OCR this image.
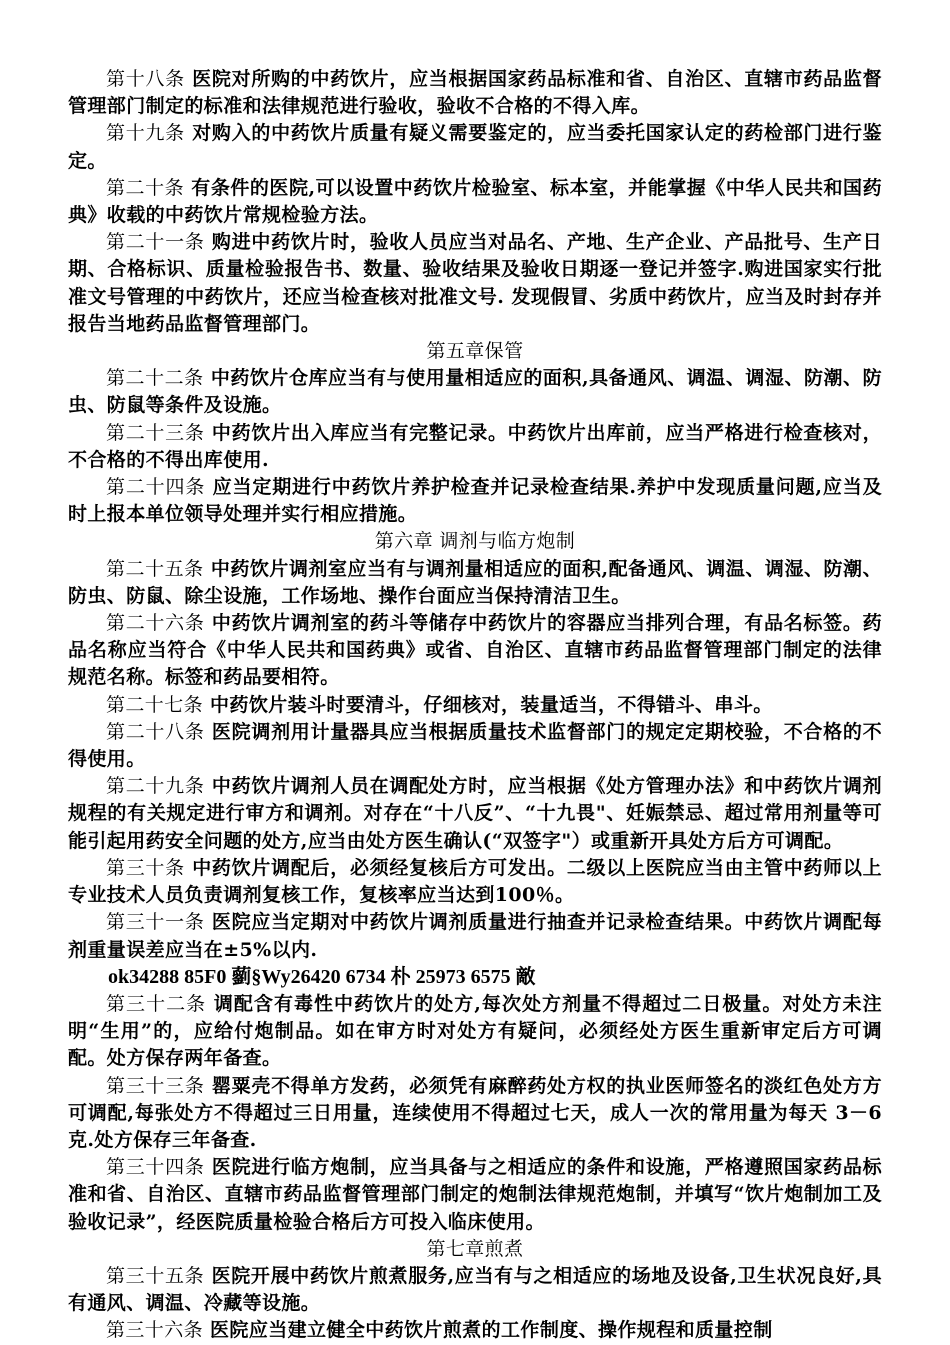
第十八条 医院对所购的中药饮片，应当根据国家药品标准和省、自治区、直辖市药品监督管理部门制定的标准和法律规范进行验收，验收不合格的不得入库。

第十九条 对购入的中药饮片质量有疑义需要鉴定的，应当委托国家认定的药检部门进行鉴定。

第二十条 有条件的医院,可以设置中药饮片检验室、标本室，并能掌握《中华人民共和国药典》收载的中药饮片常规检验方法。

第二十一条 购进中药饮片时，验收人员应当对品名、产地、生产企业、产品批号、生产日期、合格标识、质量检验报告书、数量、验收结果及验收日期逐一登记并签字.购进国家实行批准文号管理的中药饮片，还应当检查核对批准文号. 发现假冒、劣质中药饮片，应当及时封存并报告当地药品监督管理部门。

第五章保管

第二十二条 中药饮片仓库应当有与使用量相适应的面积,具备通风、调温、调湿、防潮、防虫、防鼠等条件及设施。

第二十三条 中药饮片出入库应当有完整记录。中药饮片出库前，应当严格进行检查核对，不合格的不得出库使用.

第二十四条 应当定期进行中药饮片养护检查并记录检查结果.养护中发现质量问题,应当及时上报本单位领导处理并实行相应措施。

第六章 调剂与临方炮制

第二十五条 中药饮片调剂室应当有与调剂量相适应的面积,配备通风、调温、调湿、防潮、防虫、防鼠、除尘设施，工作场地、操作台面应当保持清洁卫生。

第二十六条 中药饮片调剂室的药斗等储存中药饮片的容器应当排列合理，有品名标签。药品名称应当符合《中华人民共和国药典》或省、自治区、直辖市药品监督管理部门制定的法律规范名称。标签和药品要相符。

第二十七条 中药饮片装斗时要清斗，仔细核对，装量适当，不得错斗、串斗。

第二十八条 医院调剂用计量器具应当根据质量技术监督部门的规定定期校验，不合格的不得使用。

第二十九条 中药饮片调剂人员在调配处方时，应当根据《处方管理办法》和中药饮片调剂规程的有关规定进行审方和调剂。对存在“十八反”、“十九畏"、妊娠禁忌、超过常用剂量等可能引起用药安全问题的处方,应当由处方医生确认(“双签字"）或重新开具处方后方可调配。

第三十条 中药饮片调配后，必须经复核后方可发出。二级以上医院应当由主管中药师以上专业技术人员负责调剂复核工作，复核率应当达到100％。

第三十一条 医院应当定期对中药饮片调剂质量进行抽查并记录检查结果。中药饮片调配每剂重量误差应当在±5%以内.

ok34288 85F0 藰§Wy26420 6734 朴 25973 6575 敵

第三十二条 调配含有毒性中药饮片的处方,每次处方剂量不得超过二日极量。对处方未注明“生用”的，应给付炮制品。如在审方时对处方有疑问，必须经处方医生重新审定后方可调配。处方保存两年备查。

第三十三条 罂粟壳不得单方发药，必须凭有麻醉药处方权的执业医师签名的淡红色处方方可调配,每张处方不得超过三日用量，连续使用不得超过七天，成人一次的常用量为每天 3－6 克.处方保存三年备查.

第三十四条 医院进行临方炮制，应当具备与之相适应的条件和设施，严格遵照国家药品标准和省、自治区、直辖市药品监督管理部门制定的炮制法律规范炮制，并填写“饮片炮制加工及验收记录”，经医院质量检验合格后方可投入临床使用。

第七章煎煮

第三十五条 医院开展中药饮片煎煮服务,应当有与之相适应的场地及设备,卫生状况良好,具有通风、调温、冷藏等设施。

第三十六条 医院应当建立健全中药饮片煎煮的工作制度、操作规程和质量控制
